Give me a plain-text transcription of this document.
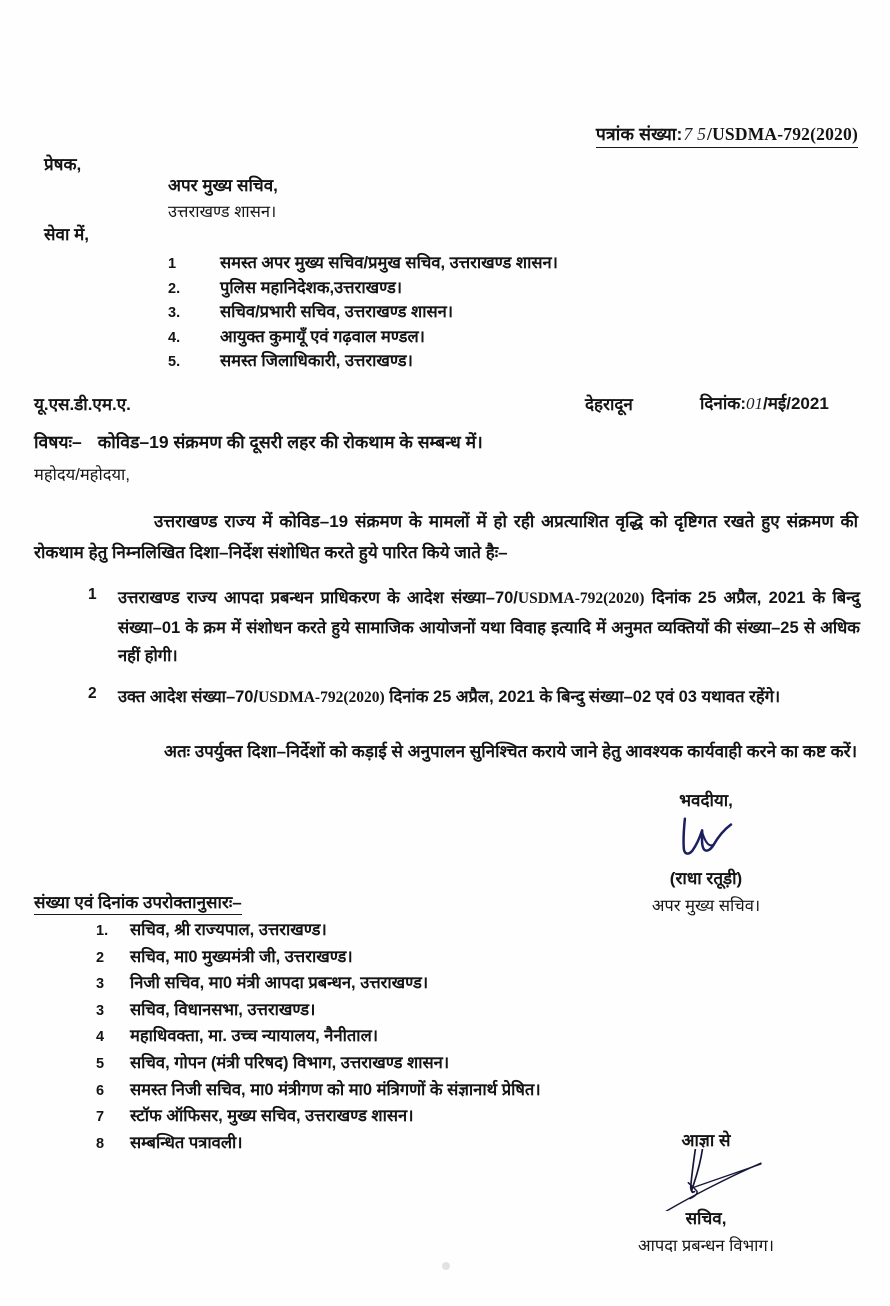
पत्रांक संख्या:7 5/USDMA-792(2020)
प्रेषक,
अपर मुख्य सचिव,
उत्तराखण्ड शासन।
सेवा में,
1	समस्त अपर मुख्य सचिव/प्रमुख सचिव, उत्तराखण्ड शासन।
2.	पुलिस महानिदेशक,उत्तराखण्ड।
3.	सचिव/प्रभारी सचिव, उत्तराखण्ड शासन।
4.	आयुक्त कुमायूँ एवं गढ़वाल मण्डल।
5.	समस्त जिलाधिकारी, उत्तराखण्ड।
यू.एस.डी.एम.ए.	देहरादून	दिनांक:01/मई/2021
विषयः– कोविड–19 संक्रमण की दूसरी लहर की रोकथाम के सम्बन्ध में।
महोदय/महोदया,
उत्तराखण्ड राज्य में कोविड–19 संक्रमण के मामलों में हो रही अप्रत्याशित वृद्धि को दृष्टिगत रखते हुए संक्रमण की रोकथाम हेतु निम्नलिखित दिशा–निर्देश संशोधित करते हुये पारित किये जाते हैः–
1	उत्तराखण्ड राज्य आपदा प्रबन्धन प्राधिकरण के आदेश संख्या–70/USDMA-792(2020) दिनांक 25 अप्रैल, 2021 के बिन्दु संख्या–01 के क्रम में संशोधन करते हुये सामाजिक आयोजनों यथा विवाह इत्यादि में अनुमत व्यक्तियों की संख्या–25 से अधिक नहीं होगी।
2	उक्त आदेश संख्या–70/USDMA-792(2020) दिनांक 25 अप्रैल, 2021 के बिन्दु संख्या–02 एवं 03 यथावत रहेंगे।
अतः उपर्युक्त दिशा–निर्देशों को कड़ाई से अनुपालन सुनिश्चित कराये जाने हेतु आवश्यक कार्यवाही करने का कष्ट करें।
भवदीया,
(राधा रतूड़ी)
अपर मुख्य सचिव।
संख्या एवं दिनांक उपरोक्तानुसारः–
1.	सचिव, श्री राज्यपाल, उत्तराखण्ड।
2	सचिव, मा0 मुख्यमंत्री जी, उत्तराखण्ड।
3	निजी सचिव, मा0 मंत्री आपदा प्रबन्धन, उत्तराखण्ड।
3	सचिव, विधानसभा, उत्तराखण्ड।
4	महाधिवक्ता, मा. उच्च न्यायालय, नैनीताल।
5	सचिव, गोपन (मंत्री परिषद) विभाग, उत्तराखण्ड शासन।
6	समस्त निजी सचिव, मा0 मंत्रीगण को मा0 मंत्रिगणों के संज्ञानार्थ प्रेषित।
7	स्टॉफ ऑफिसर, मुख्य सचिव, उत्तराखण्ड शासन।
8	सम्बन्धित पत्रावली।	आज्ञा से
सचिव,
आपदा प्रबन्धन विभाग।
